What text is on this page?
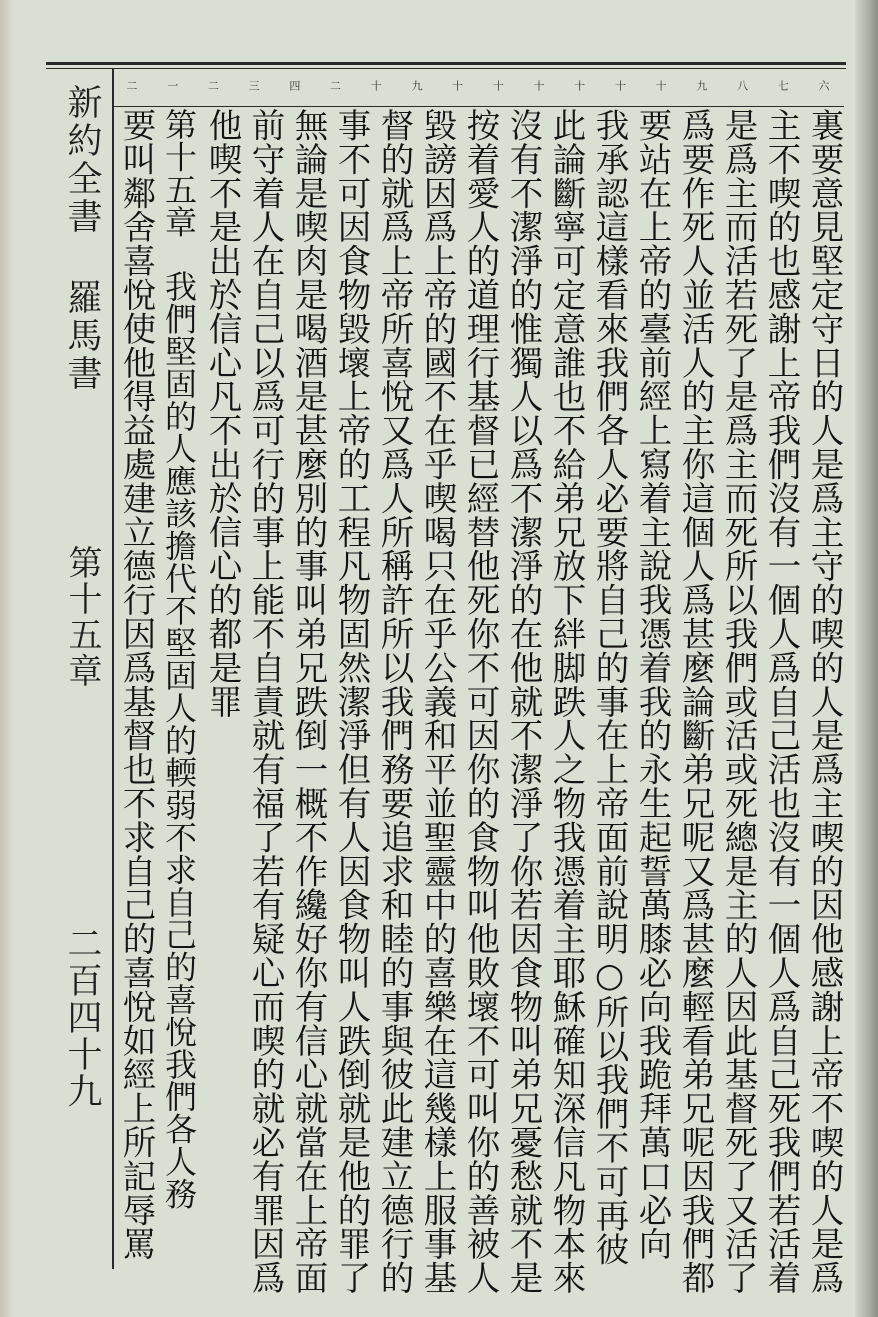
二	一	二	三	四	二	十	九	十	十	十	十	十	十	九	八	七	六
新約全書 羅馬書
第十五章
二百四十九	裏要意見堅定守日的人是爲主守的喫的人是爲主喫的因他感謝上帝不喫的人是爲
主不喫的也感謝上帝我們沒有一個人爲自己活也沒有一個人爲自己死我們若活着
是爲主而活若死了是爲主而死所以我們或活或死總是主的人因此基督死了又活了
爲要作死人並活人的主你這個人爲甚麼論斷弟兄呢又爲甚麼輕看弟兄呢因我們都
要站在上帝的臺前經上寫着主說我憑着我的永生起誓萬膝必向我跪拜萬口必向
我承認這樣看來我們各人必要將自己的事在上帝面前說明○所以我們不可再彼
此論斷寧可定意誰也不給弟兄放下絆脚跌人之物我憑着主耶穌確知深信凡物本來
沒有不潔淨的惟獨人以爲不潔淨的在他就不潔淨了你若因食物叫弟兄憂愁就不是
按着愛人的道理行基督已經替他死你不可因你的食物叫他敗壞不可叫你的善被人
毀謗因爲上帝的國不在乎喫喝只在乎公義和平並聖靈中的喜樂在這幾樣上服事基
督的就爲上帝所喜悅又爲人所稱許所以我們務要追求和睦的事與彼此建立德行的
事不可因食物毀壞上帝的工程凡物固然潔淨但有人因食物叫人跌倒就是他的罪了
無論是喫肉是喝酒是甚麼別的事叫弟兄跌倒一概不作纔好你有信心就當在上帝面
前守着人在自己以爲可行的事上能不自責就有福了若有疑心而喫的就必有罪因爲
他喫不是出於信心凡不出於信心的都是罪
第十五章　我們堅固的人應該擔代不堅固人的輭弱不求自己的喜悅我們各人務
要叫鄰舍喜悅使他得益處建立德行因爲基督也不求自己的喜悅如經上所記辱罵
